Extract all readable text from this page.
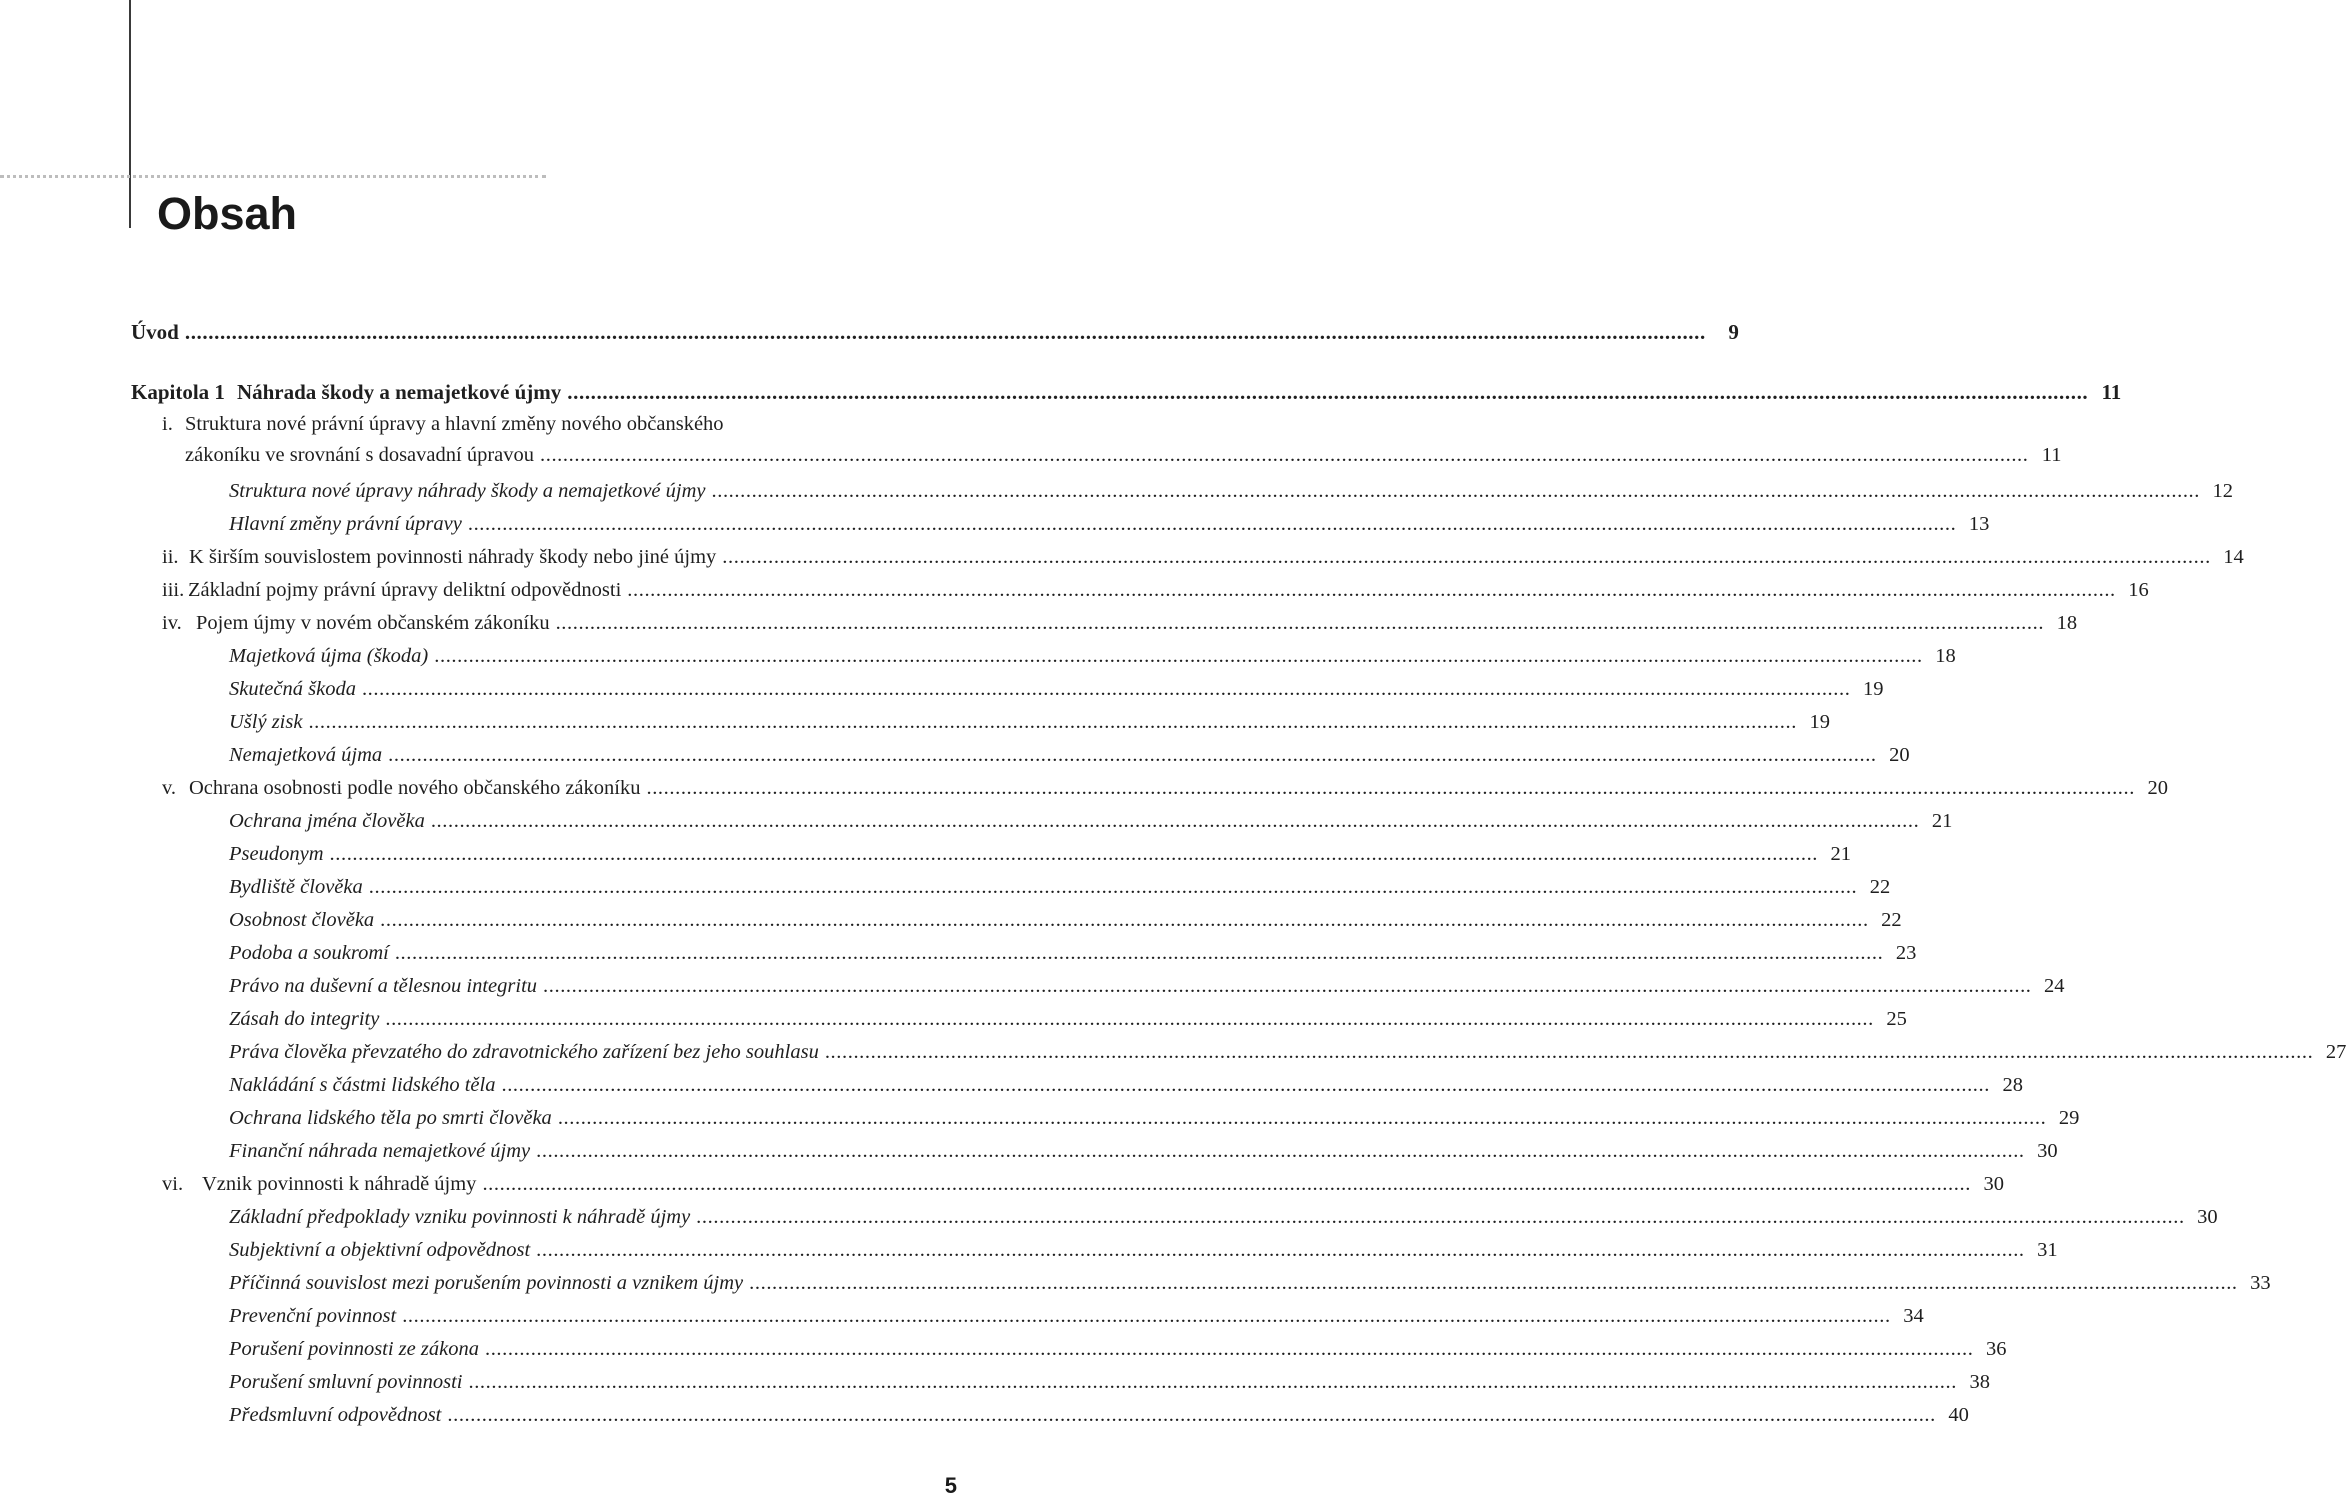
Obsah
Úvod ....................................................................................................................................................................................................................................................................	9
Kapitola 1 Náhrada škody a nemajetkové újmy .................................................................................................................................................................................................................................................................... 11
i. Struktura nové právní úpravy a hlavní změny nového občanského
zákoníku ve srovnání s dosavadní úpravou .................................................................................................................................................................................................................................................................... 11
Struktura nové úpravy náhrady škody a nemajetkové újmy .................................................................................................................................................................................................................................................................... 12
Hlavní změny právní úpravy .................................................................................................................................................................................................................................................................... 13
ii. K širším souvislostem povinnosti náhrady škody nebo jiné újmy .................................................................................................................................................................................................................................................................... 14
iii. Základní pojmy právní úpravy deliktní odpovědnosti .................................................................................................................................................................................................................................................................... 16
iv. Pojem újmy v novém občanském zákoníku .................................................................................................................................................................................................................................................................... 18
Majetková újma (škoda) .................................................................................................................................................................................................................................................................... 18
Skutečná škoda .................................................................................................................................................................................................................................................................... 19
Ušlý zisk .................................................................................................................................................................................................................................................................... 19
Nemajetková újma .................................................................................................................................................................................................................................................................... 20
v. Ochrana osobnosti podle nového občanského zákoníku .................................................................................................................................................................................................................................................................... 20
Ochrana jména člověka .................................................................................................................................................................................................................................................................... 21
Pseudonym .................................................................................................................................................................................................................................................................... 21
Bydliště člověka .................................................................................................................................................................................................................................................................... 22
Osobnost člověka .................................................................................................................................................................................................................................................................... 22
Podoba a soukromí .................................................................................................................................................................................................................................................................... 23
Právo na duševní a tělesnou integritu .................................................................................................................................................................................................................................................................... 24
Zásah do integrity .................................................................................................................................................................................................................................................................... 25
Práva člověka převzatého do zdravotnického zařízení bez jeho souhlasu .................................................................................................................................................................................................................................................................... 27
Nakládání s částmi lidského těla .................................................................................................................................................................................................................................................................... 28
Ochrana lidského těla po smrti člověka .................................................................................................................................................................................................................................................................... 29
Finanční náhrada nemajetkové újmy .................................................................................................................................................................................................................................................................... 30
vi. Vznik povinnosti k náhradě újmy .................................................................................................................................................................................................................................................................... 30
Základní předpoklady vzniku povinnosti k náhradě újmy .................................................................................................................................................................................................................................................................... 30
Subjektivní a objektivní odpovědnost .................................................................................................................................................................................................................................................................... 31
Příčinná souvislost mezi porušením povinnosti a vznikem újmy .................................................................................................................................................................................................................................................................... 33
Prevenční povinnost .................................................................................................................................................................................................................................................................... 34
Porušení povinnosti ze zákona .................................................................................................................................................................................................................................................................... 36
Porušení smluvní povinnosti .................................................................................................................................................................................................................................................................... 38
Předsmluvní odpovědnost .................................................................................................................................................................................................................................................................... 40
5
